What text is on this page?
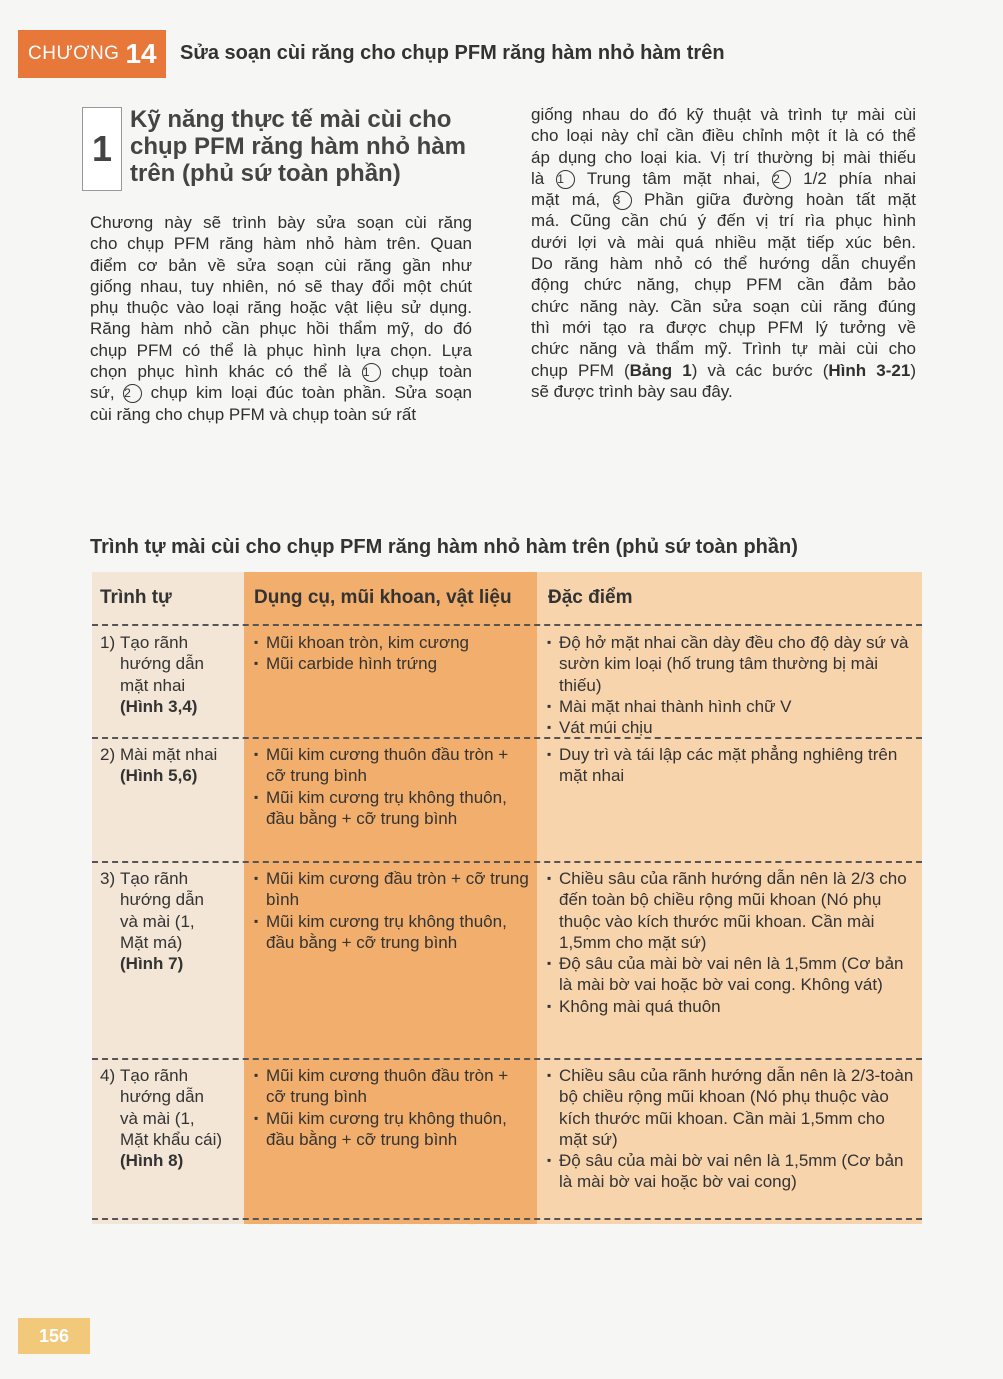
CHƯƠNG 14 Sửa soạn cùi răng cho chụp PFM răng hàm nhỏ hàm trên
1
Kỹ năng thực tế mài cùi cho
chụp PFM răng hàm nhỏ hàm
trên (phủ sứ toàn phần)
Chương này sẽ trình bày sửa soạn cùi răng
cho chụp PFM răng hàm nhỏ hàm trên. Quan
điểm cơ bản về sửa soạn cùi răng gần như
giống nhau, tuy nhiên, nó sẽ thay đổi một chút
phụ thuộc vào loại răng hoặc vật liệu sử dụng.
Răng hàm nhỏ cần phục hồi thẩm mỹ, do đó
chụp PFM có thể là phục hình lựa chọn. Lựa
chọn phục hình khác có thể là 1 chụp toàn
sứ, 2 chụp kim loại đúc toàn phần. Sửa soạn
cùi răng cho chụp PFM và chụp toàn sứ rất
giống nhau do đó kỹ thuật và trình tự mài cùi
cho loại này chỉ cần điều chỉnh một ít là có thể
áp dụng cho loại kia. Vị trí thường bị mài thiếu
là 1 Trung tâm mặt nhai, 2 1/2 phía nhai
mặt má, 3 Phần giữa đường hoàn tất mặt
má. Cũng cần chú ý đến vị trí rìa phục hình
dưới lợi và mài quá nhiều mặt tiếp xúc bên.
Do răng hàm nhỏ có thể hướng dẫn chuyển
động chức năng, chụp PFM cần đảm bảo
chức năng này. Cần sửa soạn cùi răng đúng
thì mới tạo ra được chụp PFM lý tưởng về
chức năng và thẩm mỹ. Trình tự mài cùi cho
chụp PFM (Bảng 1) và các bước (Hình 3-21)
sẽ được trình bày sau đây.
Trình tự mài cùi cho chụp PFM răng hàm nhỏ hàm trên (phủ sứ toàn phần)
Trình tự	Dụng cụ, mũi khoan, vật liệu Đặc điểm
1) Tạo rãnh
hướng dẫn
mặt nhai
(Hình 3,4)
▪ Mũi khoan tròn, kim cương
▪ Mũi carbide hình trứng
▪ Độ hở mặt nhai cần dày đều cho độ dày sứ và sườn kim loại (hố trung tâm thường bị mài thiếu)
▪ Mài mặt nhai thành hình chữ V
▪ Vát múi chịu
2) Mài mặt nhai
(Hình 5,6)
▪ Mũi kim cương thuôn đầu tròn + cỡ trung bình
▪ Mũi kim cương trụ không thuôn, đầu bằng + cỡ trung bình
▪ Duy trì và tái lập các mặt phẳng nghiêng trên mặt nhai
3) Tạo rãnh
hướng dẫn
và mài (1,
Mặt má)
(Hình 7)
▪ Mũi kim cương đầu tròn + cỡ trung bình
▪ Mũi kim cương trụ không thuôn, đầu bằng + cỡ trung bình
▪ Chiều sâu của rãnh hướng dẫn nên là 2/3 cho đến toàn bộ chiều rộng mũi khoan (Nó phụ thuộc vào kích thước mũi khoan. Cần mài 1,5mm cho mặt sứ)
▪ Độ sâu của mài bờ vai nên là 1,5mm (Cơ bản là mài bờ vai hoặc bờ vai cong. Không vát)
▪ Không mài quá thuôn
4) Tạo rãnh
hướng dẫn
và mài (1,
Mặt khẩu cái)
(Hình 8)
▪ Mũi kim cương thuôn đầu tròn + cỡ trung bình
▪ Mũi kim cương trụ không thuôn, đầu bằng + cỡ trung bình
▪ Chiều sâu của rãnh hướng dẫn nên là 2/3-toàn bộ chiều rộng mũi khoan (Nó phụ thuộc vào kích thước mũi khoan. Cần mài 1,5mm cho mặt sứ)
▪ Độ sâu của mài bờ vai nên là 1,5mm (Cơ bản là mài bờ vai hoặc bờ vai cong)
156
